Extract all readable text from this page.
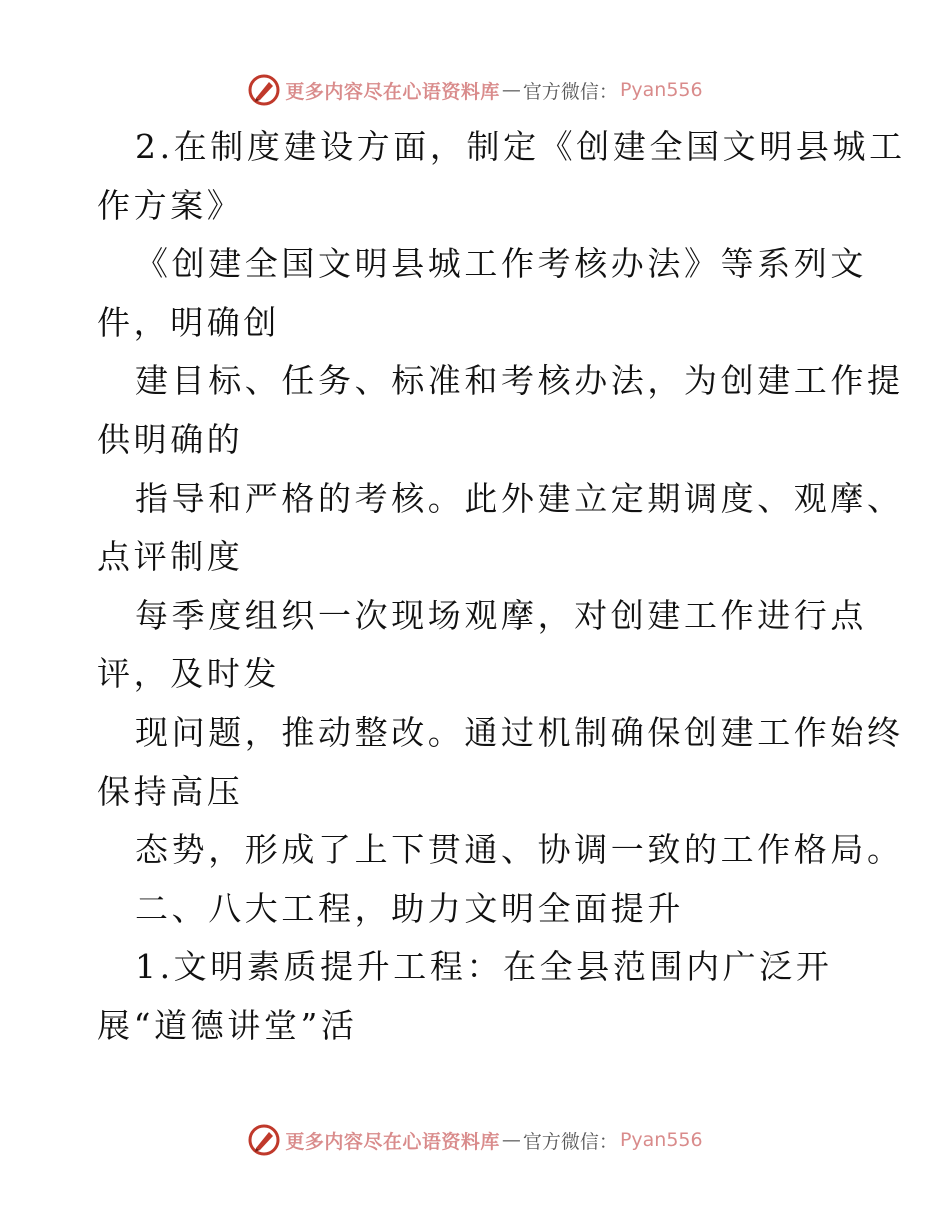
更多内容尽在心语资料库 — 官方微信： Pyan556
2.在制度建设方面，制定《创建全国文明县城工
作方案》
《创建全国文明县城工作考核办法》等系列文
件，明确创
建目标、任务、标准和考核办法，为创建工作提
供明确的
指导和严格的考核。此外建立定期调度、观摩、
点评制度
每季度组织一次现场观摩，对创建工作进行点
评，及时发
现问题，推动整改。通过机制确保创建工作始终
保持高压
态势，形成了上下贯通、协调一致的工作格局。
二、八大工程，助力文明全面提升
1.文明素质提升工程：在全县范围内广泛开
展“道德讲堂”活
更多内容尽在心语资料库 — 官方微信： Pyan556
